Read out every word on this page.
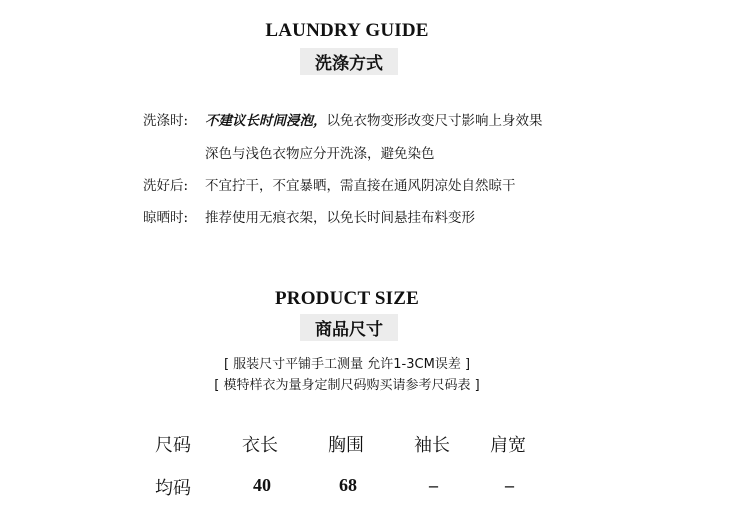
LAUNDRY GUIDE
洗涤方式
洗涤时: 不建议长时间浸泡，以免衣物变形改变尺寸影响上身效果
深色与浅色衣物应分开洗涤，避免染色
洗好后: 不宜拧干，不宜暴晒，需直接在通风阴凉处自然晾干
晾晒时: 推荐使用无痕衣架，以免长时间悬挂布料变形
PRODUCT SIZE
商品尺寸
[ 服装尺寸平铺手工测量 允许1-3CM误差 ]
[ 模特样衣为量身定制尺码购买请参考尺码表 ]
尺码	衣长	胸围	袖长 肩宽
均码	40	68	–	–
